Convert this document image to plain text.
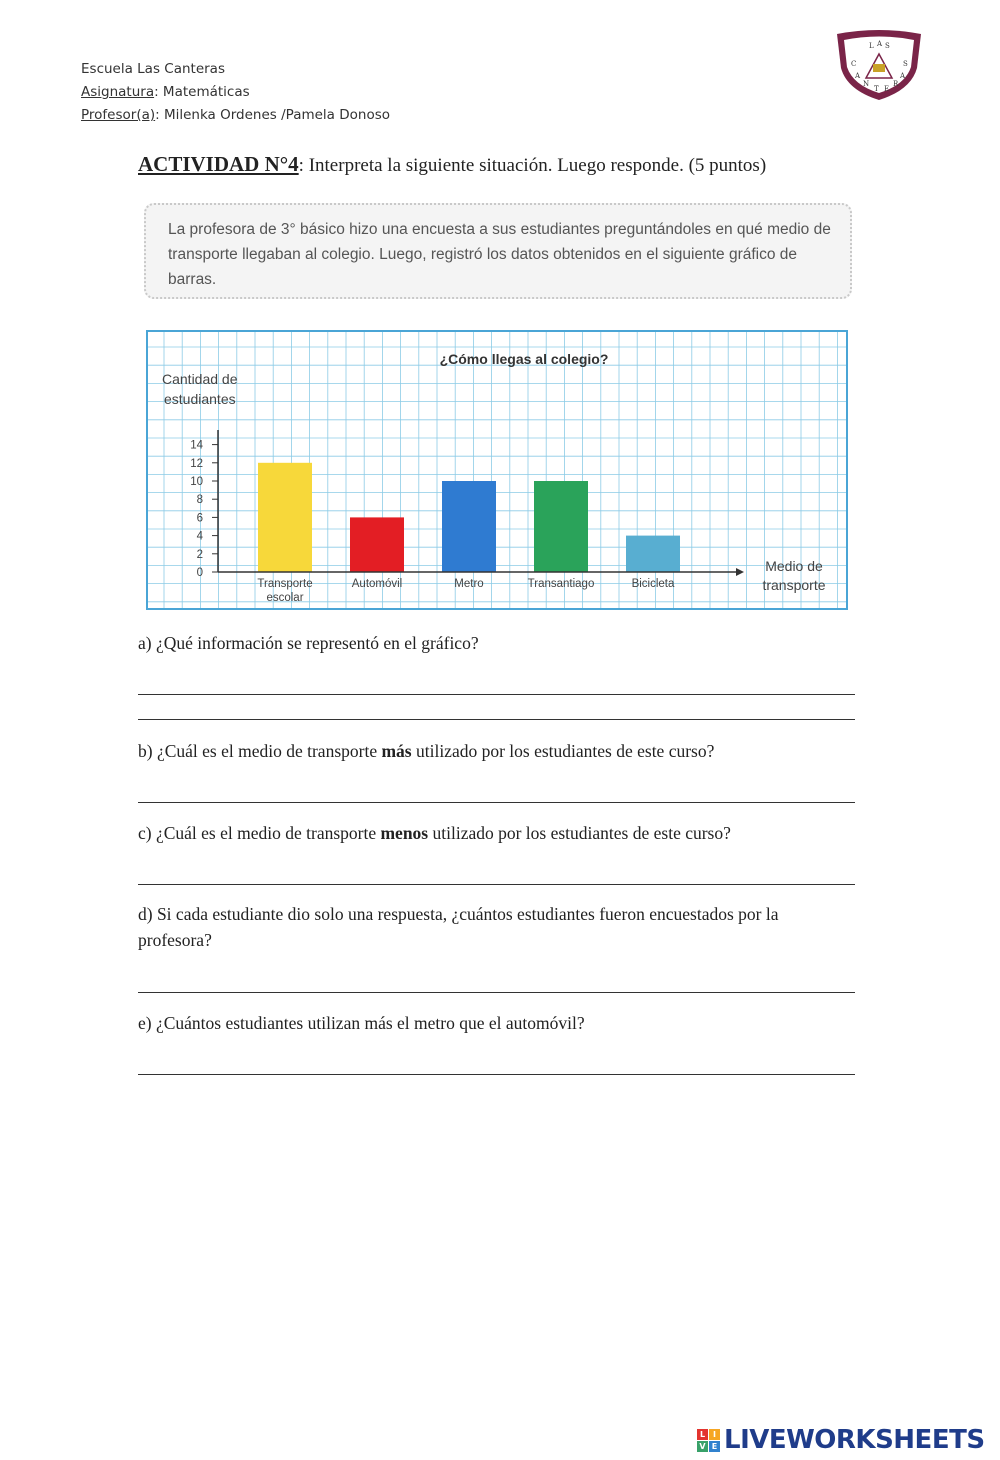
Escuela Las Canteras
Asignatura: Matemáticas
Profesor(a): Milenka Ordenes /Pamela Donoso
L A S
C
A
N
T E
R
A
S
ACTIVIDAD N°4: Interpreta la siguiente situación. Luego responde. (5 puntos)
La profesora de 3° básico hizo una encuesta a sus estudiantes preguntándoles en qué medio de transporte llegaban al colegio. Luego, registró los datos obtenidos en el siguiente gráfico de barras.
¿Cómo llegas al colegio?
Cantidad de
estudiantes
Medio de
transporte
0
2
4
6
8
10
12
14
Transporte
escolar
Automóvil	Metro	Transantiago	Bicicleta
a) ¿Qué información se representó en el gráfico?
b) ¿Cuál es el medio de transporte más utilizado por los estudiantes de este curso?
c) ¿Cuál es el medio de transporte menos utilizado por los estudiantes de este curso?
d) Si cada estudiante dio solo una respuesta, ¿cuántos estudiantes fueron encuestados por la profesora?
e) ¿Cuántos estudiantes utilizan más el metro que el automóvil?
L I
V E LIVEWORKSHEETS
